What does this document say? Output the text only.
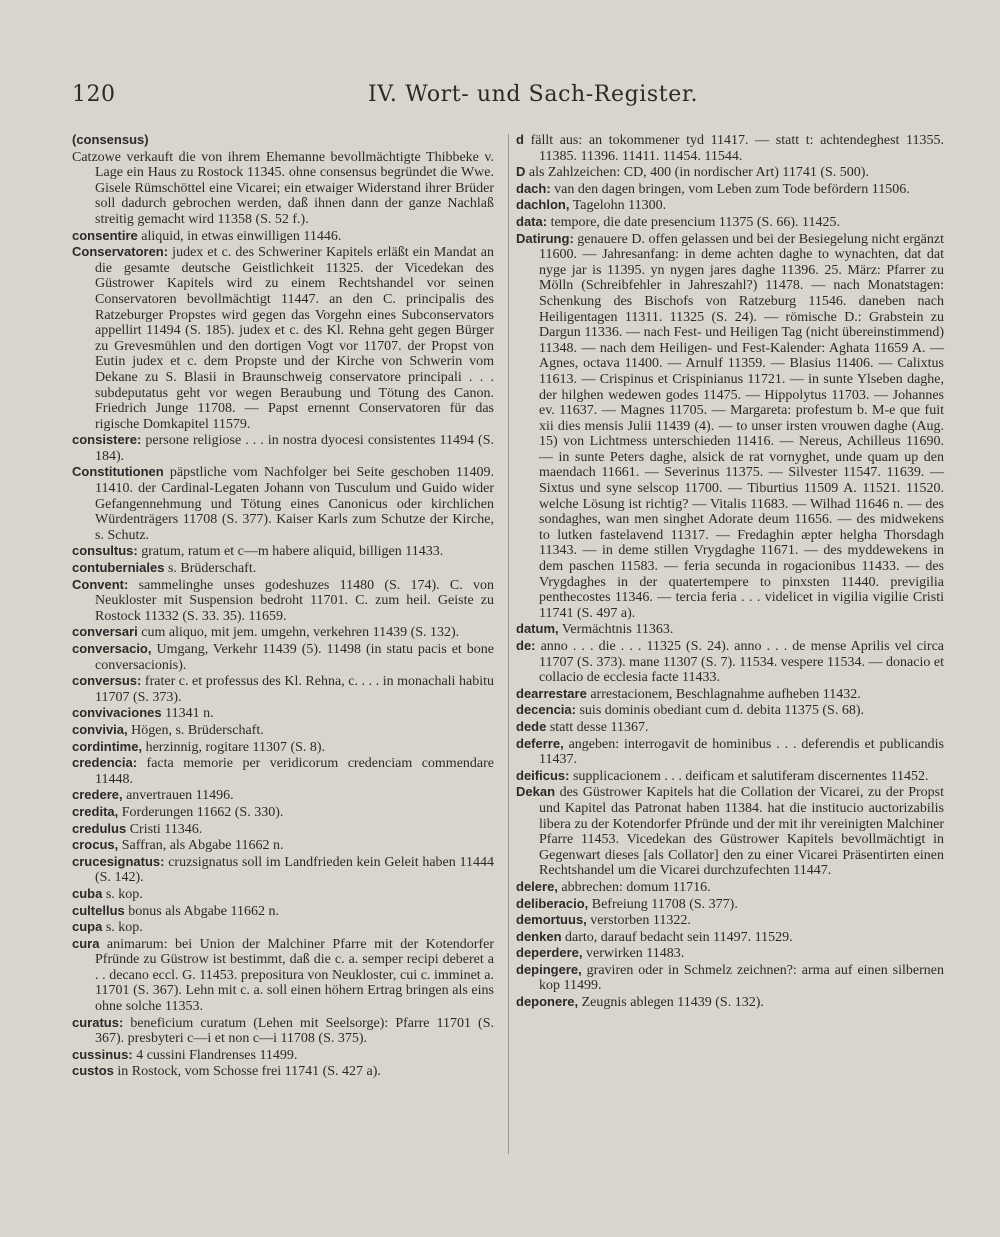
120	IV. Wort- und Sach-Register.

(consensus)

Catzowe verkauft die von ihrem Ehemanne bevollmächtigte Thibbeke v. Lage ein Haus zu Rostock 11345. ohne consensus begründet die Wwe. Gisele Rümschöttel eine Vicarei; ein etwaiger Widerstand ihrer Brüder soll dadurch gebrochen werden, daß ihnen dann der ganze Nachlaß streitig gemacht wird 11358 (S. 52 f.).

consentire aliquid, in etwas einwilligen 11446.

Conservatoren: judex et c. des Schweriner Kapitels erläßt ein Mandat an die gesamte deutsche Geistlichkeit 11325. der Vicedekan des Güstrower Kapitels wird zu einem Rechtshandel vor seinen Conservatoren bevollmächtigt 11447. an den C. principalis des Ratzeburger Propstes wird gegen das Vorgehn eines Subconservators appellirt 11494 (S. 185). judex et c. des Kl. Rehna geht gegen Bürger zu Grevesmühlen und den dortigen Vogt vor 11707. der Propst von Eutin judex et c. dem Propste und der Kirche von Schwerin vom Dekane zu S. Blasii in Braunschweig conservatore principali . . . subdeputatus geht vor wegen Beraubung und Tötung des Canon. Friedrich Junge 11708. — Papst ernennt Conservatoren für das rigische Domkapitel 11579.

consistere: persone religiose . . . in nostra dyocesi consistentes 11494 (S. 184).

Constitutionen päpstliche vom Nachfolger bei Seite geschoben 11409. 11410. der Cardinal-Legaten Johann von Tusculum und Guido wider Gefangennehmung und Tötung eines Canonicus oder kirchlichen Würdenträgers 11708 (S. 377). Kaiser Karls zum Schutze der Kirche, s. Schutz.

consultus: gratum, ratum et c—m habere aliquid, billigen 11433.

contuberniales s. Brüderschaft.

Convent: sammelinghe unses godeshuzes 11480 (S. 174). C. von Neukloster mit Suspension bedroht 11701. C. zum heil. Geiste zu Rostock 11332 (S. 33. 35). 11659.

conversari cum aliquo, mit jem. umgehn, verkehren 11439 (S. 132).

conversacio, Umgang, Verkehr 11439 (5). 11498 (in statu pacis et bone conversacionis).

conversus: frater c. et professus des Kl. Rehna, c. . . . in monachali habitu 11707 (S. 373).

convivaciones 11341 n.

convivia, Högen, s. Brüderschaft.

cordintime, herzinnig, rogitare 11307 (S. 8).

credencia: facta memorie per veridicorum credenciam commendare 11448.

credere, anvertrauen 11496.

credita, Forderungen 11662 (S. 330).

credulus Cristi 11346.

crocus, Saffran, als Abgabe 11662 n.

crucesignatus: cruzsignatus soll im Landfrieden kein Geleit haben 11444 (S. 142).

cuba s. kop.

cultellus bonus als Abgabe 11662 n.

cupa s. kop.

cura animarum: bei Union der Malchiner Pfarre mit der Kotendorfer Pfründe zu Güstrow ist bestimmt, daß die c. a. semper recipi deberet a . . decano eccl. G. 11453. prepositura von Neukloster, cui c. imminet a. 11701 (S. 367). Lehn mit c. a. soll einen höhern Ertrag bringen als eins ohne solche 11353.

curatus: beneficium curatum (Lehen mit Seelsorge): Pfarre 11701 (S. 367). presbyteri c—i et non c—i 11708 (S. 375).

cussinus: 4 cussini Flandrenses 11499.

custos in Rostock, vom Schosse frei 11741 (S. 427 a).

d fällt aus: an tokommener tyd 11417. — statt t: achtendeghest 11355. 11385. 11396. 11411. 11454. 11544.

D als Zahlzeichen: CD, 400 (in nordischer Art) 11741 (S. 500).

dach: van den dagen bringen, vom Leben zum Tode befördern 11506.

dachlon, Tagelohn 11300.

data: tempore, die date presencium 11375 (S. 66). 11425.

Datirung: genauere D. offen gelassen und bei der Besiegelung nicht ergänzt 11600. — Jahresanfang: in deme achten daghe to wynachten, dat dat nyge jar is 11395. yn nygen jares daghe 11396. 25. März: Pfarrer zu Mölln (Schreibfehler in Jahreszahl?) 11478. — nach Monatstagen: Schenkung des Bischofs von Ratzeburg 11546. daneben nach Heiligentagen 11311. 11325 (S. 24). — römische D.: Grabstein zu Dargun 11336. — nach Fest- und Heiligen Tag (nicht übereinstimmend) 11348. — nach dem Heiligen- und Fest-Kalender: Aghata 11659 A. — Agnes, octava 11400. — Arnulf 11359. — Blasius 11406. — Calixtus 11613. — Crispinus et Crispinianus 11721. — in sunte Ylseben daghe, der hilghen wedewen godes 11475. — Hippolytus 11703. — Johannes ev. 11637. — Magnes 11705. — Margareta: profestum b. M-e que fuit xii dies mensis Julii 11439 (4). — to unser irsten vrouwen daghe (Aug. 15) von Lichtmess unterschieden 11416. — Nereus, Achilleus 11690. — in sunte Peters daghe, alsick de rat vornyghet, unde quam up den maendach 11661. — Severinus 11375. — Silvester 11547. 11639. — Sixtus und syne selscop 11700. — Tiburtius 11509 A. 11521. 11520. welche Lösung ist richtig? — Vitalis 11683. — Wilhad 11646 n. — des sondaghes, wan men singhet Adorate deum 11656. — des midwekens to lutken fastelavend 11317. — Fredaghin æpter helgha Thorsdagh 11343. — in deme stillen Vrygdaghe 11671. — des myddewekens in dem paschen 11583. — feria secunda in rogacionibus 11433. — des Vrygdaghes in der quatertempere to pinxsten 11440. previgilia penthecostes 11346. — tercia feria . . . videlicet in vigilia vigilie Cristi 11741 (S. 497 a).

datum, Vermächtnis 11363.

de: anno . . . die . . . 11325 (S. 24). anno . . . de mense Aprilis vel circa 11707 (S. 373). mane 11307 (S. 7). 11534. vespere 11534. — donacio et collacio de ecclesia facte 11433.

dearrestare arrestacionem, Beschlagnahme aufheben 11432.

decencia: suis dominis obediant cum d. debita 11375 (S. 68).

dede statt desse 11367.

deferre, angeben: interrogavit de hominibus . . . deferendis et publicandis 11437.

deificus: supplicacionem . . . deificam et salutiferam discernentes 11452.

Dekan des Güstrower Kapitels hat die Collation der Vicarei, zu der Propst und Kapitel das Patronat haben 11384. hat die institucio auctorizabilis libera zu der Kotendorfer Pfründe und der mit ihr vereinigten Malchiner Pfarre 11453. Vicedekan des Güstrower Kapitels bevollmächtigt in Gegenwart dieses [als Collator] den zu einer Vicarei Präsentirten einen Rechtshandel um die Vicarei durchzufechten 11447.

delere, abbrechen: domum 11716.

deliberacio, Befreiung 11708 (S. 377).

demortuus, verstorben 11322.

denken darto, darauf bedacht sein 11497. 11529.

deperdere, verwirken 11483.

depingere, graviren oder in Schmelz zeichnen?: arma auf einen silbernen kop 11499.

deponere, Zeugnis ablegen 11439 (S. 132).
